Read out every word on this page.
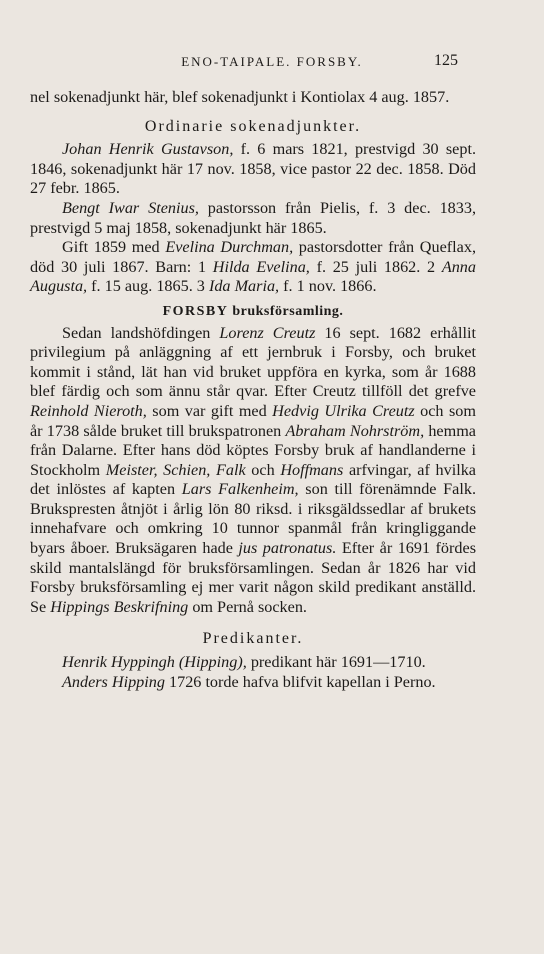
ENO-TAIPALE. FORSBY.	125

nel sokenadjunkt här, blef sokenadjunkt i Kontiolax 4 aug. 1857.

Ordinarie sokenadjunkter.

Johan Henrik Gustavson, f. 6 mars 1821, prestvigd 30 sept. 1846, sokenadjunkt här 17 nov. 1858, vice pastor 22 dec. 1858. Död 27 febr. 1865.

Bengt Iwar Stenius, pastorsson från Pielis, f. 3 dec. 1833, prestvigd 5 maj 1858, sokenadjunkt här 1865.

Gift 1859 med Evelina Durchman, pastorsdotter från Queflax, död 30 juli 1867. Barn: 1 Hilda Evelina, f. 25 juli 1862. 2 Anna Augusta, f. 15 aug. 1865. 3 Ida Maria, f. 1 nov. 1866.

FORSBY bruksförsamling.

Sedan landshöfdingen Lorenz Creutz 16 sept. 1682 erhållit privilegium på anläggning af ett jernbruk i Forsby, och bruket kommit i stånd, lät han vid bruket uppföra en kyrka, som år 1688 blef färdig och som ännu står qvar. Efter Creutz tillföll det grefve Reinhold Nieroth, som var gift med Hedvig Ulrika Creutz och som år 1738 sålde bruket till brukspatronen Abraham Nohrström, hemma från Dalarne. Efter hans död köptes Forsby bruk af handlanderne i Stockholm Meister, Schien, Falk och Hoffmans arfvingar, af hvilka det inlöstes af kapten Lars Falkenheim, son till förenämnde Falk. Brukspresten åtnjöt i årlig lön 80 riksd. i riksgäldssedlar af brukets innehafvare och omkring 10 tunnor spanmål från kringliggande byars åboer. Bruksägaren hade jus patronatus. Efter år 1691 fördes skild mantalslängd för bruksförsamlingen. Sedan år 1826 har vid Forsby bruksförsamling ej mer varit någon skild predikant anställd. Se Hippings Beskrifning om Pernå socken.

Predikanter.

Henrik Hyppingh (Hipping), predikant här 1691—1710.

Anders Hipping 1726 torde hafva blifvit kapellan i Perno.
